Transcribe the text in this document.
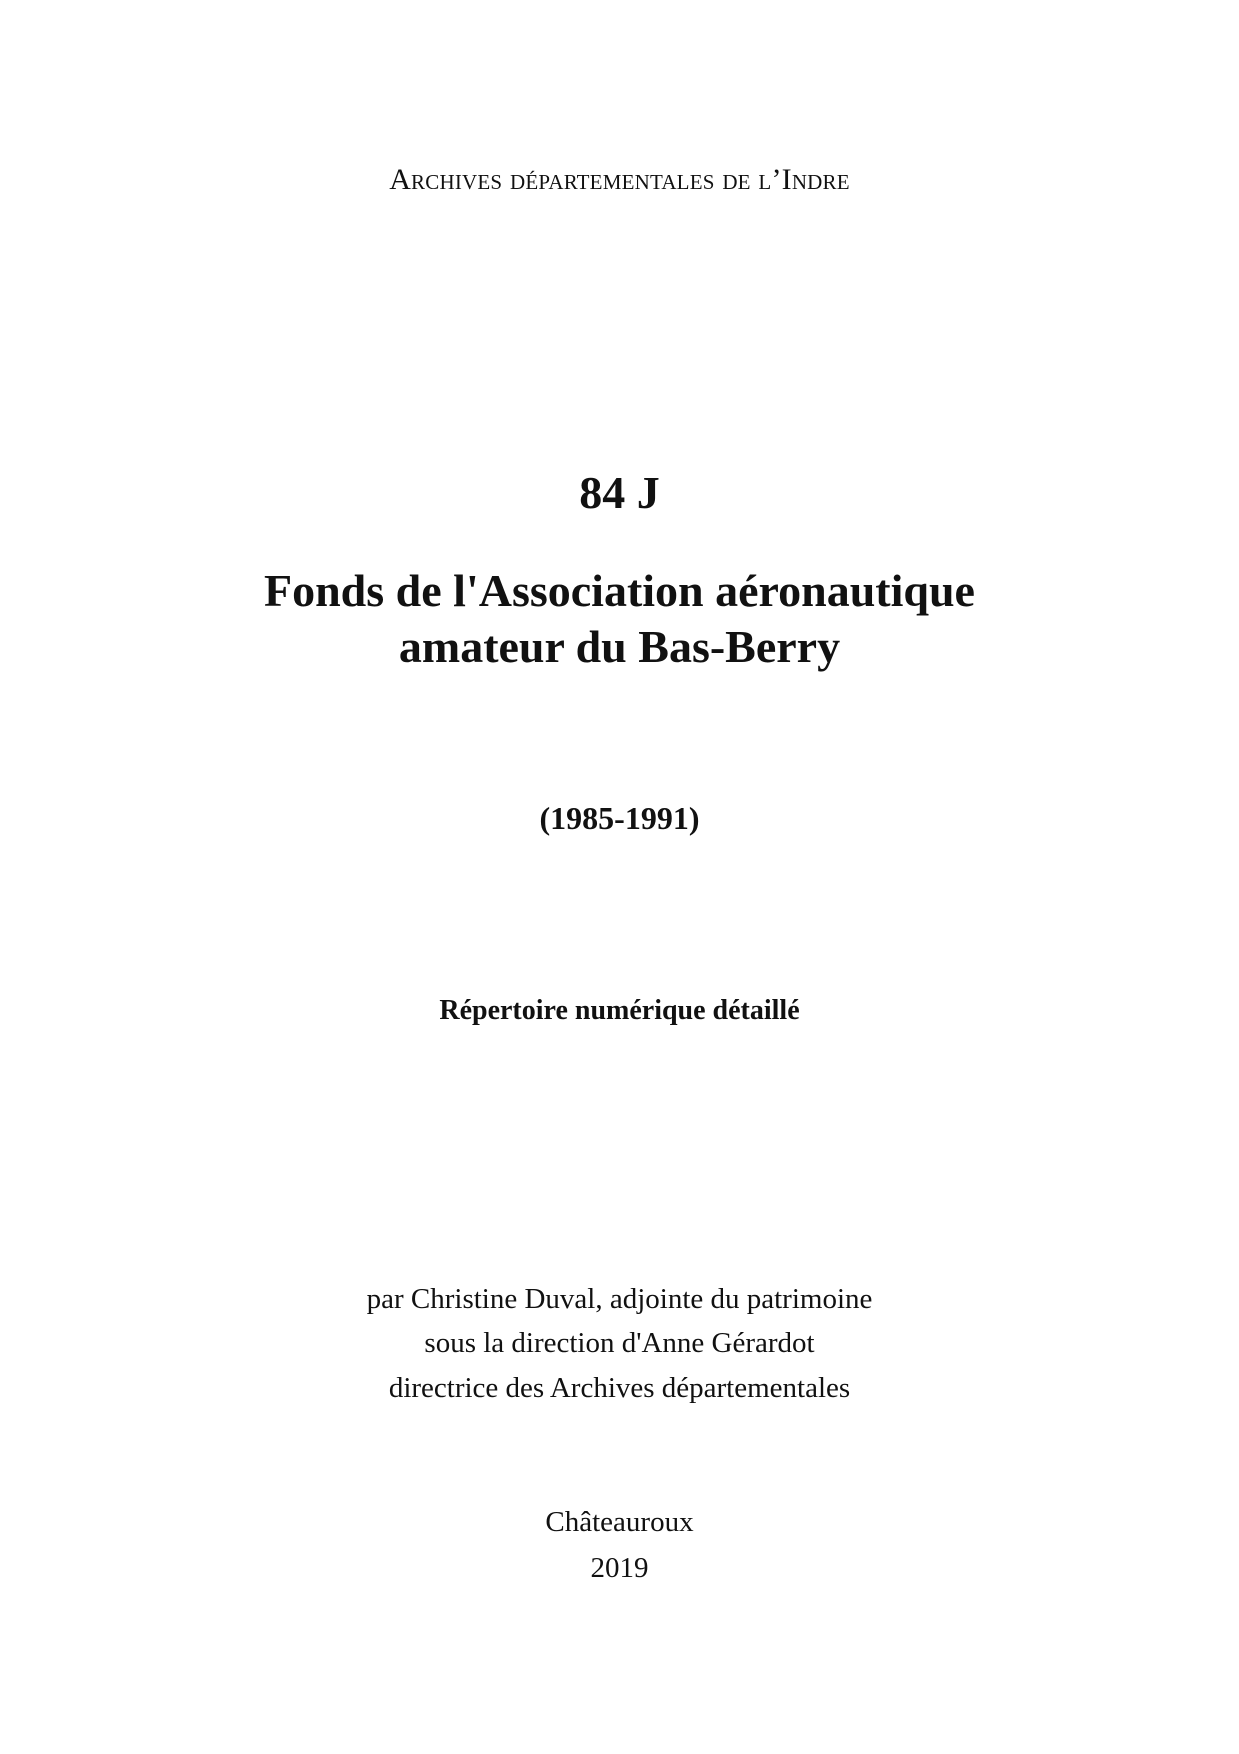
Archives départementales de l’Indre

84 J

Fonds de l'Association aéronautique

amateur du Bas-Berry

(1985-1991)

Répertoire numérique détaillé

par Christine Duval, adjointe du patrimoine

sous la direction d'Anne Gérardot

directrice des Archives départementales

Châteauroux

2019
